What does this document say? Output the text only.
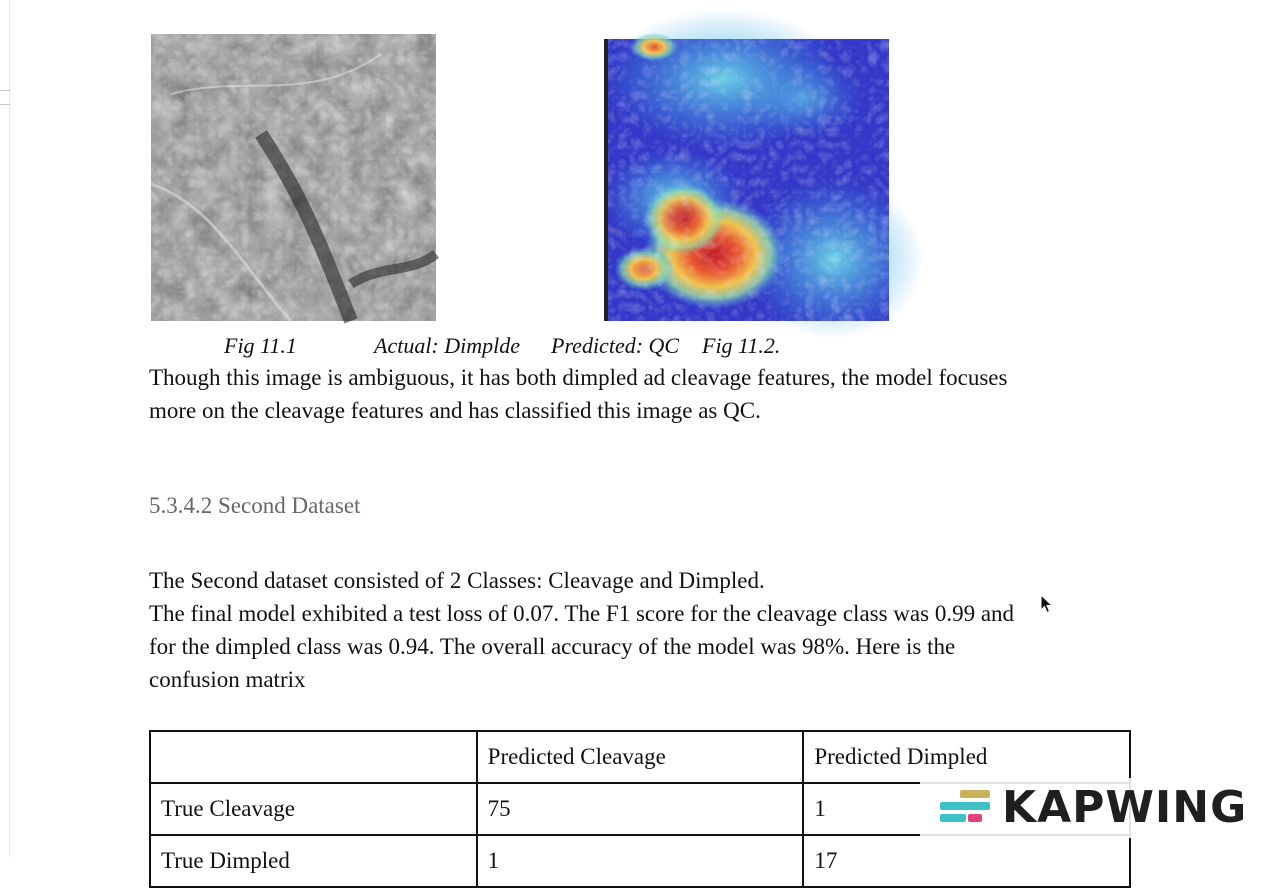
Fig 11.1	Actual: Dimplde Predicted: QC Fig 11.2.
Though this image is ambiguous, it has both dimpled ad cleavage features, the model focuses
more on the cleavage features and has classified this image as QC.
5.3.4.2 Second Dataset
The Second dataset consisted of 2 Classes: Cleavage and Dimpled.
The final model exhibited a test loss of 0.07. The F1 score for the cleavage class was 0.99 and
for the dimpled class was 0.94. The overall accuracy of the model was 98%. Here is the
confusion matrix
	Predicted Cleavage	Predicted Dimpled
True Cleavage	75	1
True Dimpled	1	17
KAPWING
